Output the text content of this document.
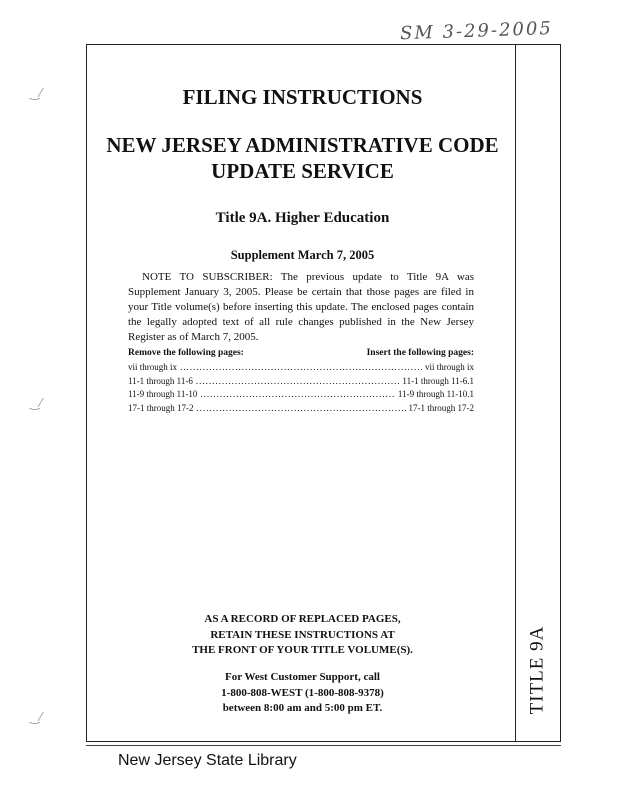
SM 3-29-2005
‿⁄
‿⁄
‿⁄
TITLE 9A
FILING INSTRUCTIONS
NEW JERSEY ADMINISTRATIVE CODE
UPDATE SERVICE
Title 9A. Higher Education
Supplement March 7, 2005

NOTE TO SUBSCRIBER: The previous update to Title 9A was Supplement January 3, 2005. Please be certain that those pages are filed in your Title volume(s) before inserting this update. The enclosed pages contain the legally adopted text of all rule changes published in the New Jersey Register as of March 7, 2005.

Remove the following pages:	Insert the following pages:
vii through ix .....	vii through ix
11-1 through 11-6 .....	11-1 through 11-6.1
11-9 through 11-10 .....	11-9 through 11-10.1
17-1 through 17-2 .....	17-1 through 17-2
AS A RECORD OF REPLACED PAGES,
RETAIN THESE INSTRUCTIONS AT
THE FRONT OF YOUR TITLE VOLUME(S).
For West Customer Support, call
1-800-808-WEST (1-800-808-9378)
between 8:00 am and 5:00 pm ET.
New Jersey State Library
